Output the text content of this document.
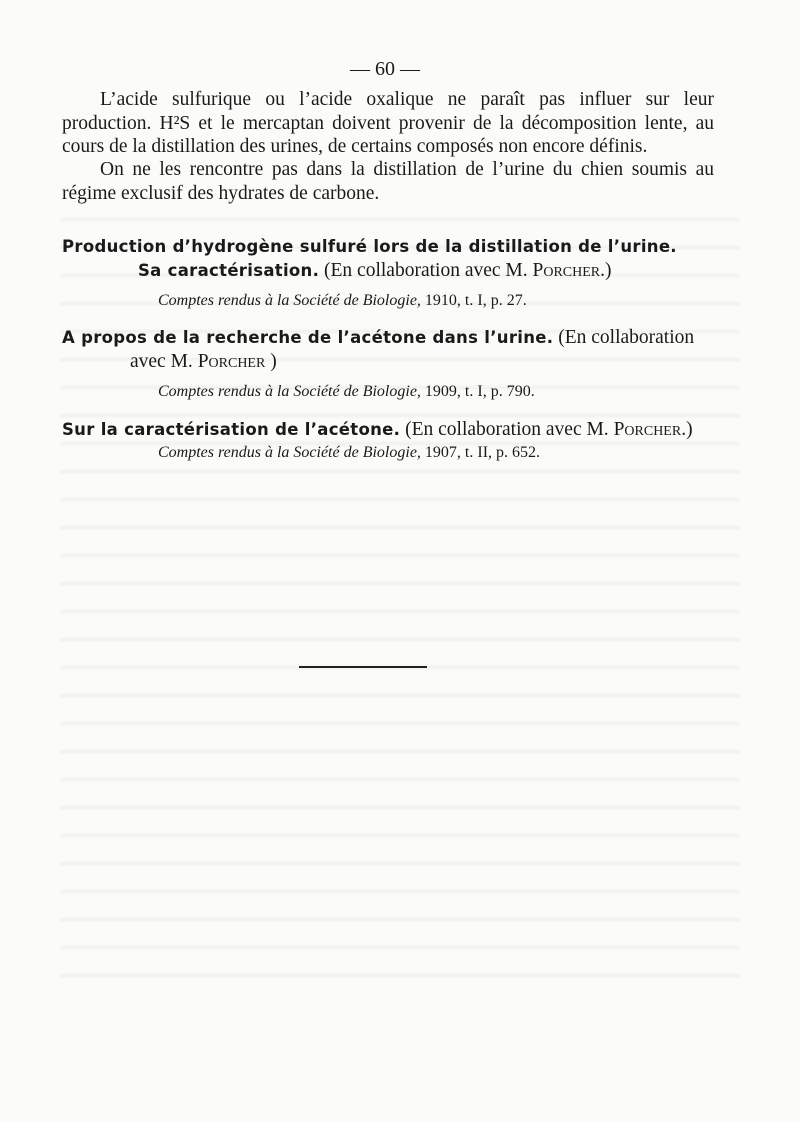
— 60 —
L’acide sulfurique ou l’acide oxalique ne paraît pas influer sur leur production. H²S et le mercaptan doivent provenir de la décomposition lente, au cours de la distillation des urines, de certains composés non encore définis.
On ne les rencontre pas dans la distillation de l’urine du chien soumis au régime exclusif des hydrates de carbone.
Production d’hydrogène sulfuré lors de la distillation de l’urine.
Sa caractérisation. (En collaboration avec M. Porcher.)
Comptes rendus à la Société de Biologie, 1910, t. I, p. 27.
A propos de la recherche de l’acétone dans l’urine. (En collaboration
avec M. Porcher )
Comptes rendus à la Société de Biologie, 1909, t. I, p. 790.
Sur la caractérisation de l’acétone. (En collaboration avec M. Porcher.)
Comptes rendus à la Société de Biologie, 1907, t. II, p. 652.
